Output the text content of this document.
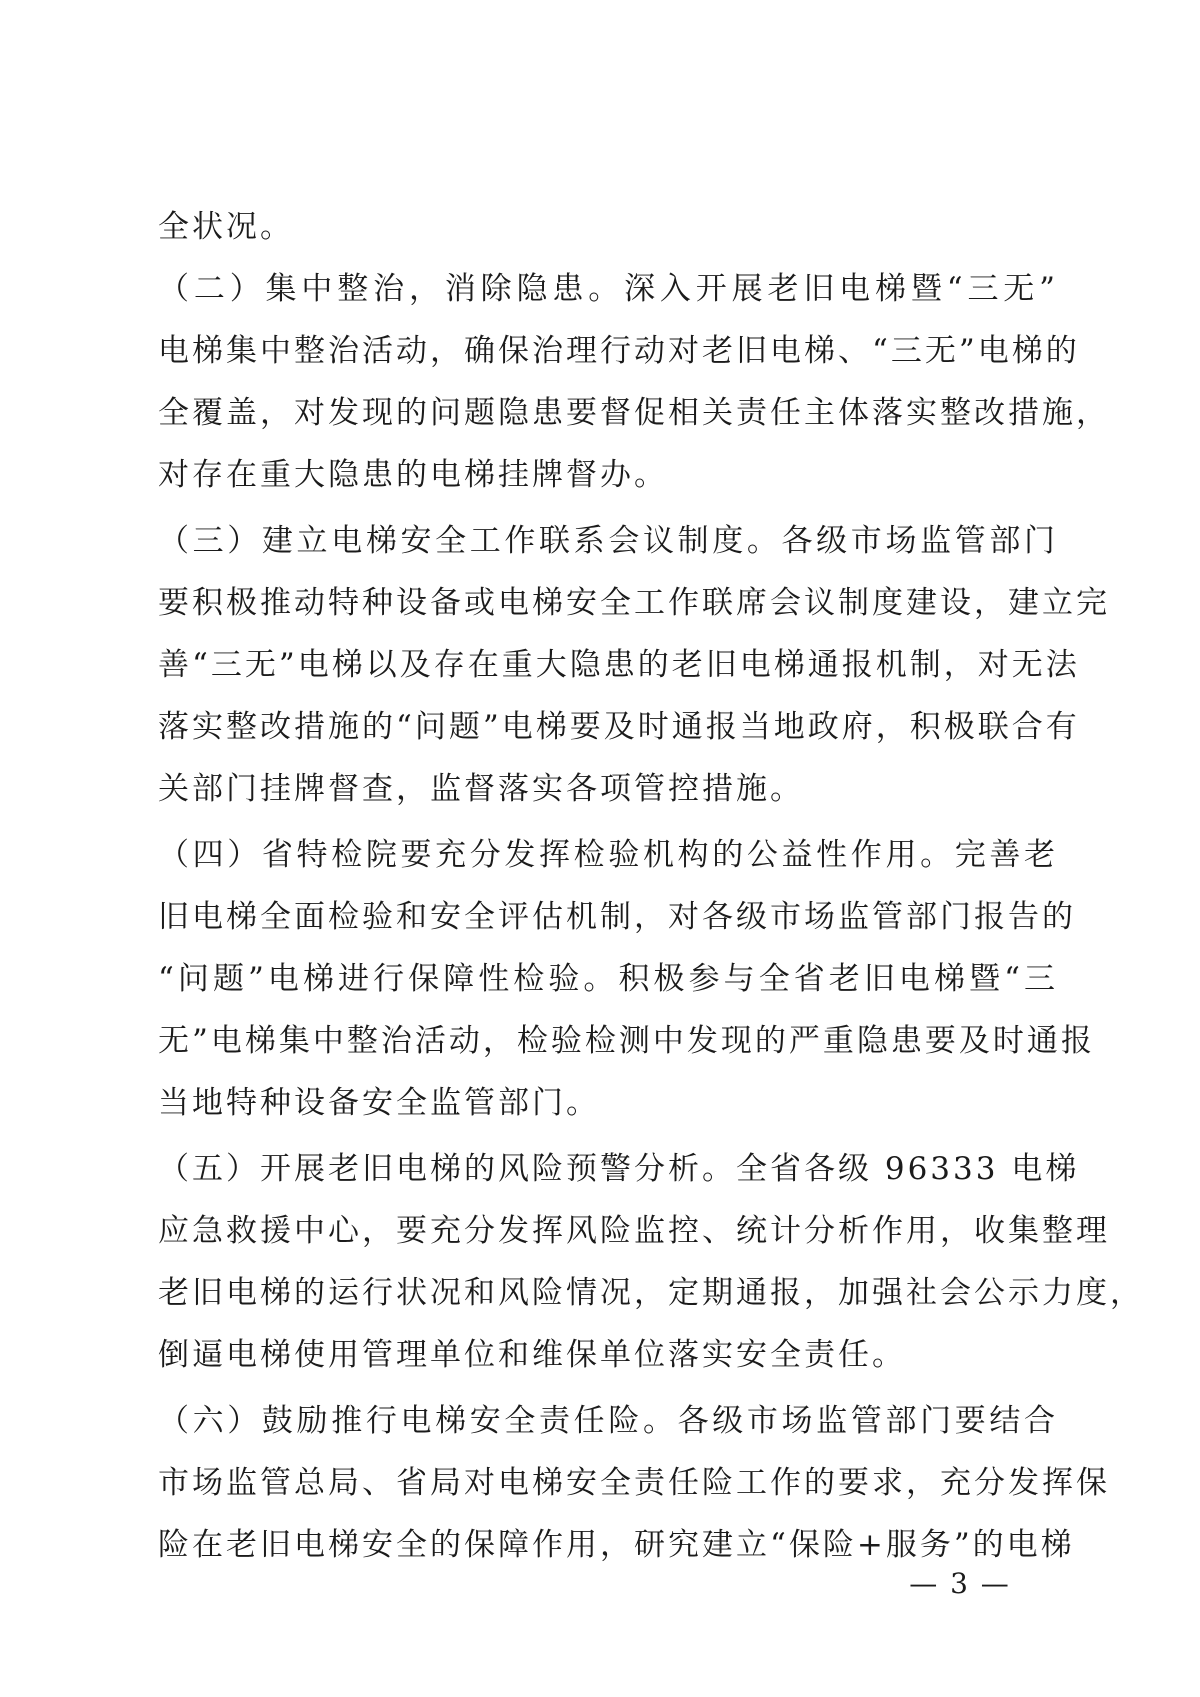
全状况。
（二）集中整治，消除隐患。深入开展老旧电梯暨“三无”
电梯集中整治活动，确保治理行动对老旧电梯、“三无”电梯的
全覆盖，对发现的问题隐患要督促相关责任主体落实整改措施，
对存在重大隐患的电梯挂牌督办。
（三）建立电梯安全工作联系会议制度。各级市场监管部门
要积极推动特种设备或电梯安全工作联席会议制度建设，建立完
善“三无”电梯以及存在重大隐患的老旧电梯通报机制，对无法
落实整改措施的“问题”电梯要及时通报当地政府，积极联合有
关部门挂牌督查，监督落实各项管控措施。
（四）省特检院要充分发挥检验机构的公益性作用。完善老
旧电梯全面检验和安全评估机制，对各级市场监管部门报告的
“问题”电梯进行保障性检验。积极参与全省老旧电梯暨“三
无”电梯集中整治活动，检验检测中发现的严重隐患要及时通报
当地特种设备安全监管部门。
（五）开展老旧电梯的风险预警分析。全省各级 96333 电梯
应急救援中心，要充分发挥风险监控、统计分析作用，收集整理
老旧电梯的运行状况和风险情况，定期通报，加强社会公示力度，
倒逼电梯使用管理单位和维保单位落实安全责任。
（六）鼓励推行电梯安全责任险。各级市场监管部门要结合
市场监管总局、省局对电梯安全责任险工作的要求，充分发挥保
险在老旧电梯安全的保障作用，研究建立“保险+服务”的电梯
— 3 —
